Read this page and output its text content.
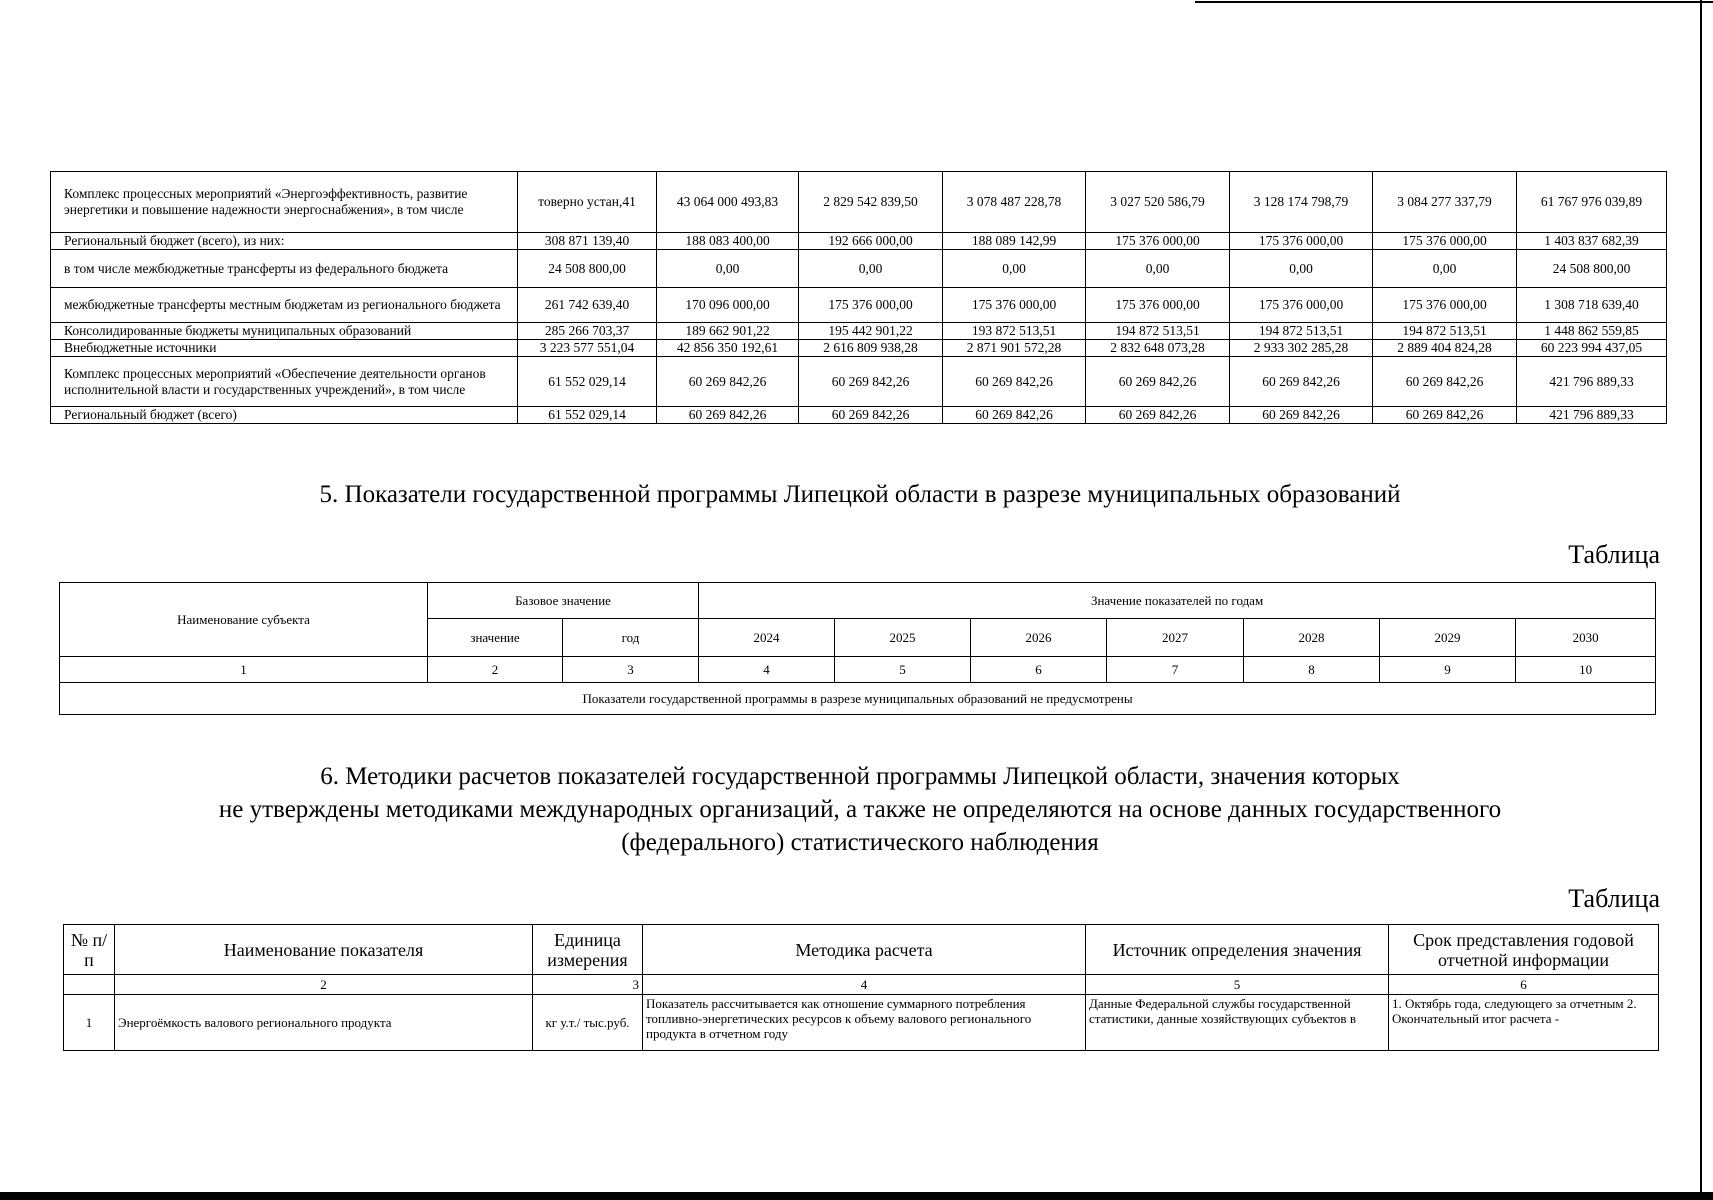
Комплекс процессных мероприятий «Энергоэффективность, развитие энергетики и повышение надежности энергоснабжения», в том числе	товерно устан,41	43 064 000 493,83	2 829 542 839,50	3 078 487 228,78	3 027 520 586,79	3 128 174 798,79	3 084 277 337,79	61 767 976 039,89
Региональный бюджет (всего), из них:	308 871 139,40	188 083 400,00	192 666 000,00	188 089 142,99	175 376 000,00	175 376 000,00	175 376 000,00	1 403 837 682,39
в том числе межбюджетные трансферты из федерального бюджета	24 508 800,00	0,00	0,00	0,00	0,00	0,00	0,00	24 508 800,00
межбюджетные трансферты местным бюджетам из регионального бюджета	261 742 639,40	170 096 000,00	175 376 000,00	175 376 000,00	175 376 000,00	175 376 000,00	175 376 000,00	1 308 718 639,40
Консолидированные бюджеты муниципальных образований	285 266 703,37	189 662 901,22	195 442 901,22	193 872 513,51	194 872 513,51	194 872 513,51	194 872 513,51	1 448 862 559,85
Внебюджетные источники	3 223 577 551,04	42 856 350 192,61	2 616 809 938,28	2 871 901 572,28	2 832 648 073,28	2 933 302 285,28	2 889 404 824,28	60 223 994 437,05
Комплекс процессных мероприятий «Обеспечение деятельности органов исполнительной власти и государственных учреждений», в том числе	61 552 029,14	60 269 842,26	60 269 842,26	60 269 842,26	60 269 842,26	60 269 842,26	60 269 842,26	421 796 889,33
Региональный бюджет (всего)	61 552 029,14	60 269 842,26	60 269 842,26	60 269 842,26	60 269 842,26	60 269 842,26	60 269 842,26	421 796 889,33
5. Показатели государственной программы Липецкой области в разрезе муниципальных образований
Таблица
Наименование субъекта	Базовое значение		Значение показателей по годам						
	значение	год	2024	2025	2026	2027	2028	2029	2030
1	2	3	4	5	6	7	8	9	10
Показатели государственной программы в разрезе муниципальных образований не предусмотрены									
6. Методики расчетов показателей государственной программы Липецкой области, значения которых
не утверждены методиками международных организаций, а также не определяются на основе данных государственного
(федерального) статистического наблюдения
Таблица
№ п/п	Наименование показателя	Единица измерения	Методика расчета	Источник определения значения	Срок представления годовой отчетной информации
	2	3	4	5	6
1	Энергоёмкость валового регионального продукта	кг у.т./ тыс.руб.	Показатель рассчитывается как отношение суммарного потребления топливно-энергетических ресурсов к объему валового регионального продукта в отчетном году	Данные Федеральной службы государственной статистики, данные хозяйствующих субъектов в	1. Октябрь года, следующего за отчетным 2. Окончательный итог расчета -
